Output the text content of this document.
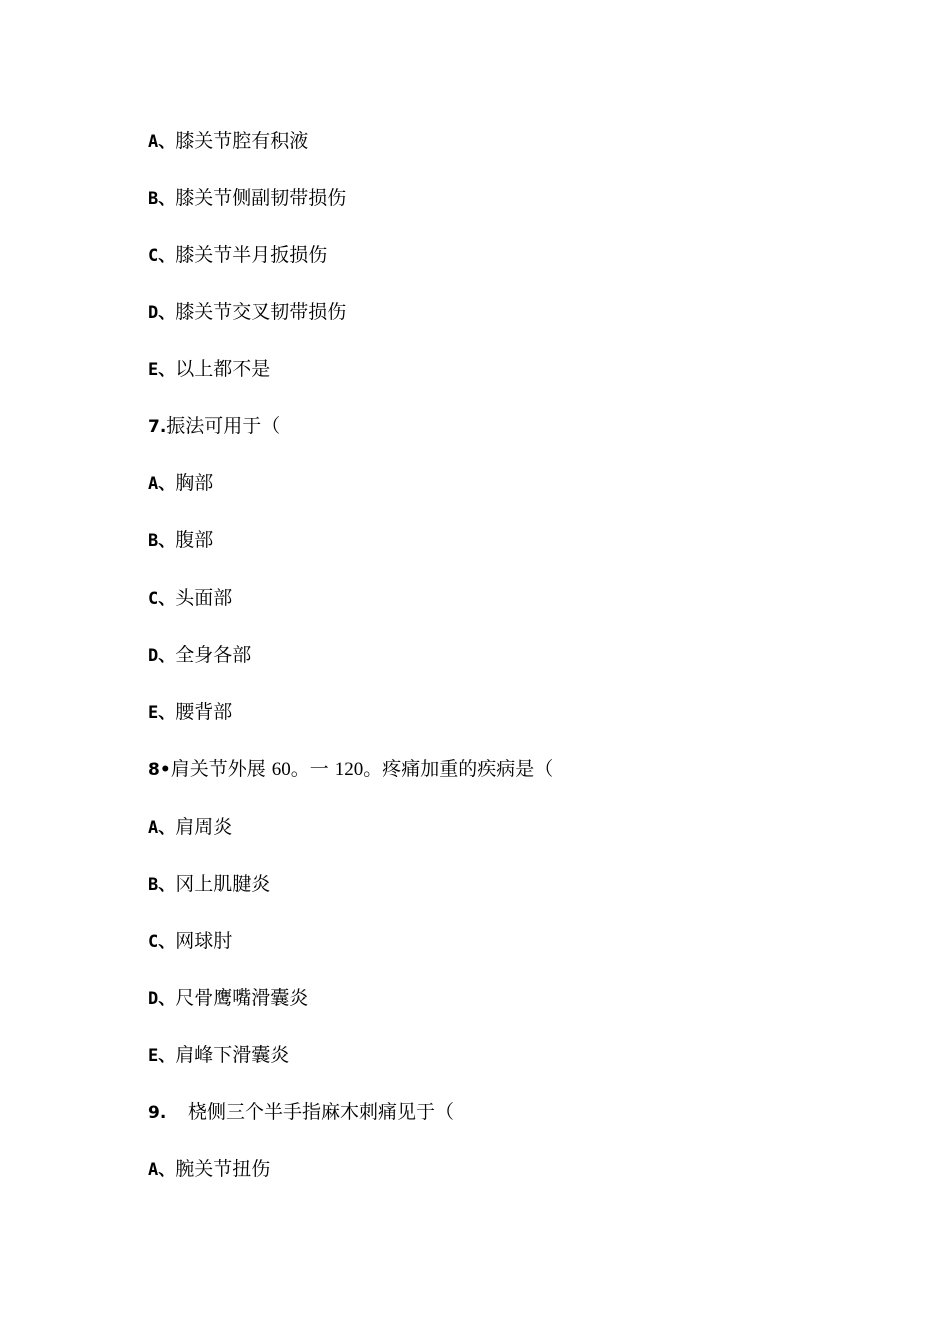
A、膝关节腔有积液
B、膝关节侧副韧带损伤
C、膝关节半月扳损伤
D、膝关节交叉韧带损伤
E、以上都不是
7.振法可用于（
A、胸部
B、腹部
C、头面部
D、全身各部
E、腰背部
8•肩关节外展 60。一 120。疼痛加重的疾病是（
A、肩周炎
B、冈上肌腱炎
C、网球肘
D、尺骨鹰嘴滑囊炎
E、肩峰下滑囊炎
9. 桡侧三个半手指麻木刺痛见于（
A、腕关节扭伤
